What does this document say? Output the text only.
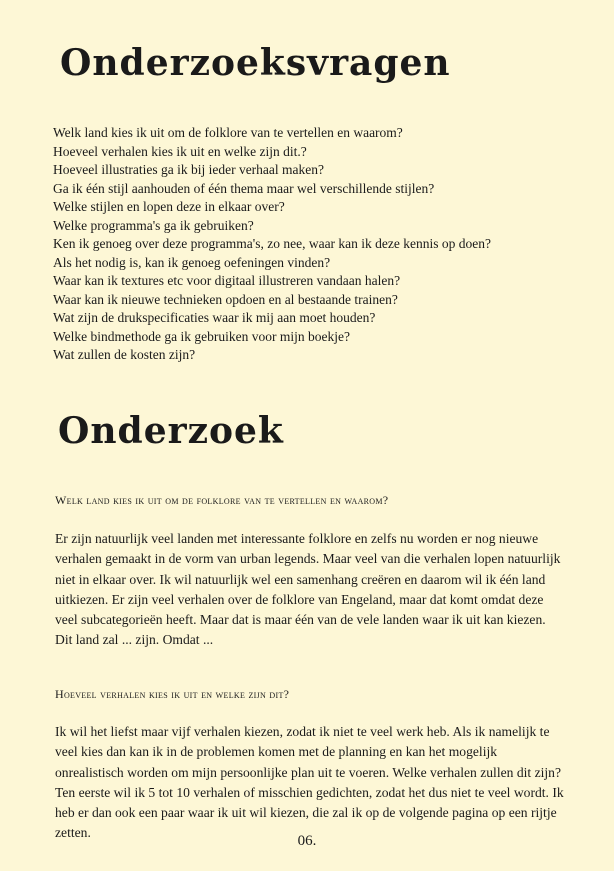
Onderzoeksvragen
Welk land kies ik uit om de folklore van te vertellen en waarom?
Hoeveel verhalen kies ik uit en welke zijn dit.?
Hoeveel illustraties ga ik bij ieder verhaal maken?
Ga ik één stijl aanhouden of één thema maar wel verschillende stijlen?
Welke stijlen en lopen deze in elkaar over?
Welke programma's ga ik gebruiken?
Ken ik genoeg over deze programma's, zo nee, waar kan ik deze kennis op doen?
Als het nodig is, kan ik genoeg oefeningen vinden?
Waar kan ik textures etc voor digitaal illustreren vandaan halen?
Waar kan ik nieuwe technieken opdoen en al bestaande trainen?
Wat zijn de drukspecificaties waar ik mij aan moet houden?
Welke bindmethode ga ik gebruiken voor mijn boekje?
Wat zullen de kosten zijn?
Onderzoek
Welk land kies ik uit om de folklore van te vertellen en waarom?

Er zijn natuurlijk veel landen met interessante folklore en zelfs nu worden er nog nieuwe verhalen gemaakt in de vorm van urban legends. Maar veel van die verhalen lopen natuurlijk niet in elkaar over. Ik wil natuurlijk wel een samenhang creëren en daarom wil ik één land uitkiezen. Er zijn veel verhalen over de folklore van Engeland, maar dat komt omdat deze veel subcategorieën heeft. Maar dat is maar één van de vele landen waar ik uit kan kiezen. Dit land zal ... zijn. Omdat ...

Hoeveel verhalen kies ik uit en welke zijn dit?

Ik wil het liefst maar vijf verhalen kiezen, zodat ik niet te veel werk heb. Als ik namelijk te veel kies dan kan ik in de problemen komen met de planning en kan het mogelijk onrealistisch worden om mijn persoonlijke plan uit te voeren. Welke verhalen zullen dit zijn? Ten eerste wil ik 5 tot 10 verhalen of misschien gedichten, zodat het dus niet te veel wordt. Ik heb er dan ook een paar waar ik uit wil kiezen, die zal ik op de volgende pagina op een rijtje zetten.

06.
